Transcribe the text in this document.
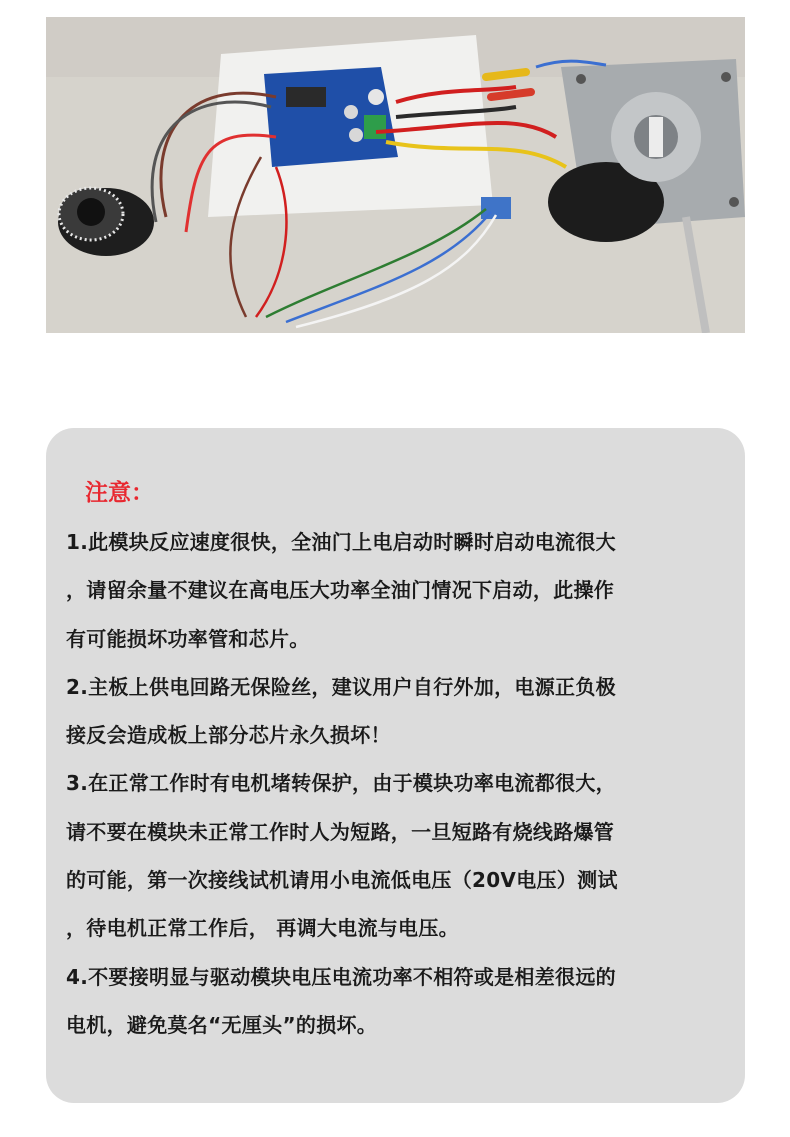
注意：
1.此模块反应速度很快，全油门上电启动时瞬时启动电流很大
，请留余量不建议在高电压大功率全油门情况下启动，此操作
有可能损坏功率管和芯片。
2.主板上供电回路无保险丝，建议用户自行外加，电源正负极
接反会造成板上部分芯片永久损坏！
3.在正常工作时有电机堵转保护，由于模块功率电流都很大，
请不要在模块未正常工作时人为短路，一旦短路有烧线路爆管
的可能，第一次接线试机请用小电流低电压（20V电压）测试
，待电机正常工作后， 再调大电流与电压。
4.不要接明显与驱动模块电压电流功率不相符或是相差很远的
电机，避免莫名“无厘头”的损坏。
